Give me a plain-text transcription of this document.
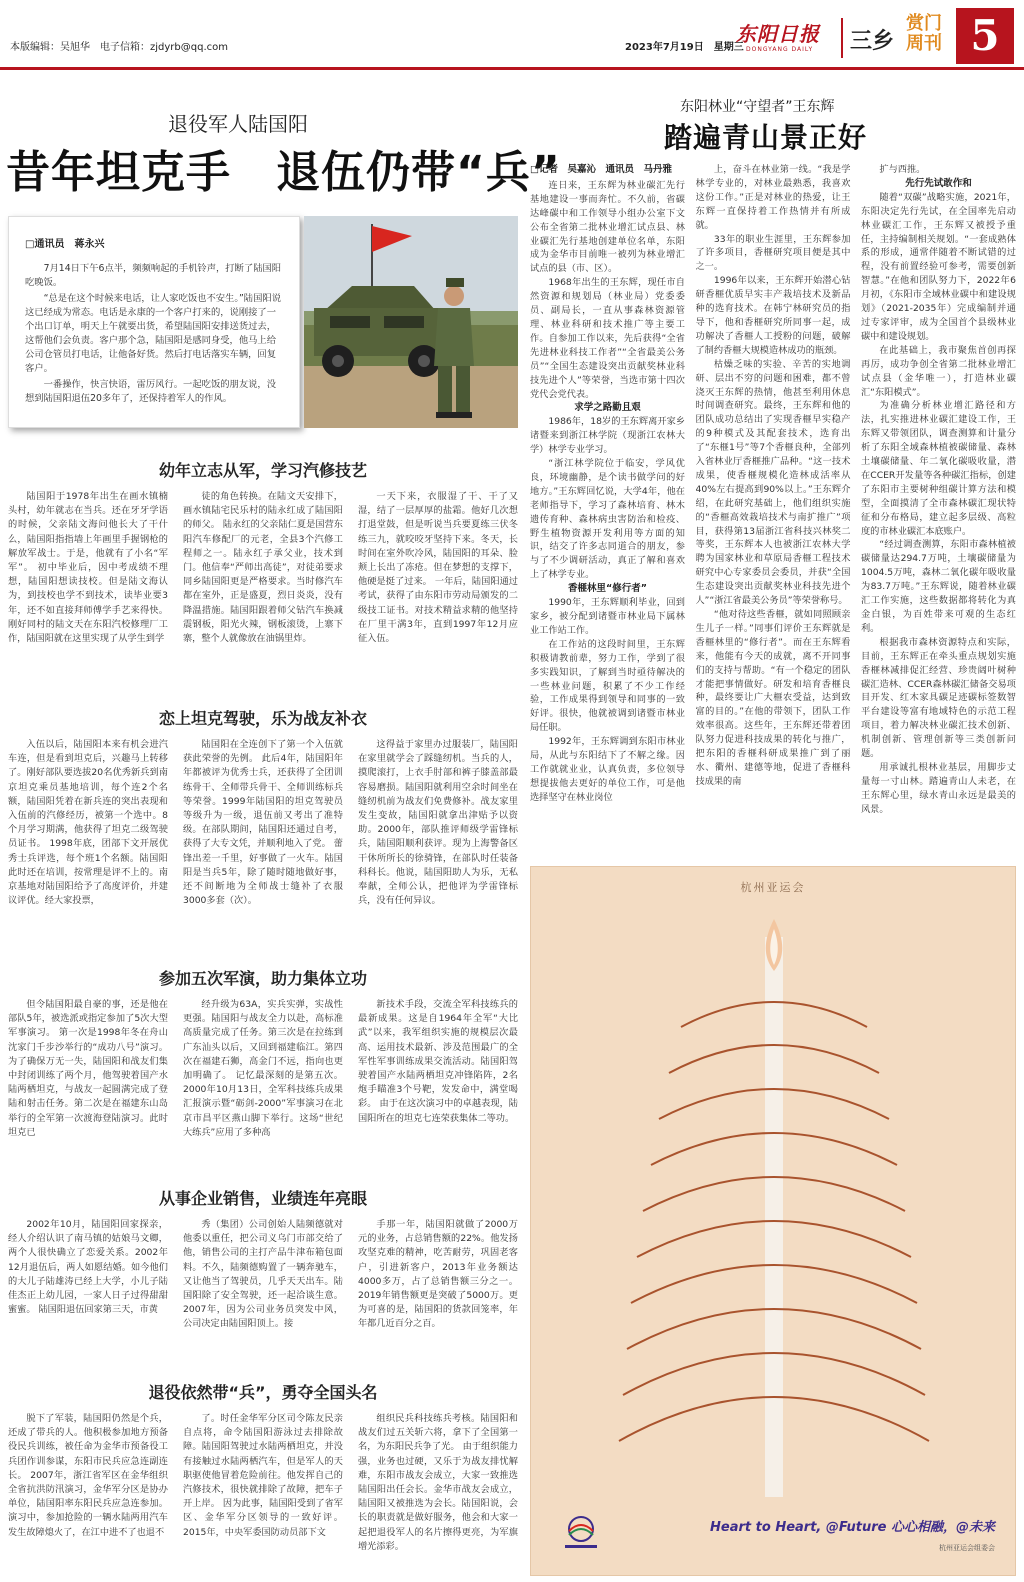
本版编辑：吴旭华　电子信箱：zjdyrb@qq.com	2023年7月19日　星期三
东阳日报
DONGYANG DAILY 三乡
赏门周刊 5
退役军人陆国阳
昔年坦克手　退伍仍带“兵”
□通讯员　蒋永兴

7月14日下午6点半，频频响起的手机铃声，打断了陆国阳吃晚饭。

“总是在这个时候来电话，让人家吃饭也不安生。”陆国阳说这已经成为常态。电话是永康的一个客户打来的，说刚接了一个出口订单，明天上午就要出货，希望陆国阳安排送货过去，这帮他们会负责。客户那个急，陆国阳是感同身受，他马上给公司仓管员打电话，让他备好货。然后打电话落实车辆，回复客户。

一番操作，快言快语，雷厉风行。一起吃饭的朋友说，没想到陆国阳退伍20多年了，还保持着军人的作风。

幼年立志从军，学习汽修技艺

陆国阳于1978年出生在画水镇楠头村，幼年就志在当兵。还在牙牙学语的时候，父亲陆文海问他长大了干什么，陆国阳指指墙上年画里手握钢枪的解放军战士。于是，他就有了小名“军军”。 初中毕业后，因中考成绩不理想，陆国阳想读技校。但是陆文海认为，到技校也学不到技术，读毕业要3年，还不如直接拜师傅学手艺来得快。刚好同村的陆文天在东阳汽校修理厂工作，陆国阳就在这里实现了从学生到学

徒的角色转换。在陆文天安排下，画水镇陆宅民乐村的陆永红成了陆国阳的师父。 陆永红的父亲陆仁夏是国营东阳汽车修配厂的元老，全县3个汽修工程师之一。陆永红子承父业，技术到门。他信奉“严师出高徒”，对徒弟要求同乡陆国阳更是严格要求。当时修汽车都在室外，正是盛夏，烈日炎炎，没有降温措施。陆国阳跟着师父钻汽车换减震钢板，阳光火辣，钢板滚烫，上寨下寨，整个人就像放在油锅里炸。

一天下来，衣服湿了干、干了又湿，结了一层厚厚的盐霜。他好几次想打退堂鼓，但是听说当兵要夏练三伏冬练三九，就咬咬牙坚持下来。冬天，长时间在室外吹冷风，陆国阳的耳朵、脸颊上长出了冻疮。但在梦想的支撑下，他硬是挺了过来。 一年后，陆国阳通过考试，获得了由东阳市劳动局颁发的二级技工证书。对技术精益求精的他坚持在厂里干满3年，直到1997年12月应征入伍。

恋上坦克驾驶，乐为战友补衣

入伍以后，陆国阳本来有机会进汽车连，但是看到坦克后，兴趣马上转移了。刚好部队要选拔20名优秀新兵到南京坦克乘员基地培训，每个连2个名额，陆国阳凭着在新兵连的突出表现和入伍前的汽修经历，被第一个选中。8个月学习期满，他获得了坦克二级驾驶员证书。 1998年底，团部下文开展优秀士兵评选，每个班1个名额。陆国阳此时还在培训，按常理是评不上的。南京基地对陆国阳给予了高度评价，并建议评优。经大家投票，

陆国阳在全连创下了第一个入伍就获此荣誉的先例。 此后4年，陆国阳年年都被评为优秀士兵，还获得了全团训练骨干、全师带兵骨干、全师训练标兵等荣誉。1999年陆国阳的坦克驾驶员等级升为一级，退伍前又考出了准特级。在部队期间，陆国阳还通过自考，获得了大专文凭，并顺利地入了党。 蕾锋出差一千里，好事做了一火车。陆国阳是当兵5年，除了随时随地做好事，还不间断地为全师战士缝补了衣服3000多套（次）。

这得益于家里办过服装厂，陆国阳在家里就学会了踩缝纫机。当兵的人，摸爬滚打，上衣手肘部和裤子膝盖部最容易磨损。陆国阳就利用空余时间坐在缝纫机前为战友们免费修补。战友家里发生变故，陆国阳就拿出津贴予以资助。2000年，部队推评师级学雷锋标兵，陆国阳顺利获评。现为上海警备区干休所所长的徐骑锋，在部队时任装备科科长。他说，陆国阳助人为乐，无私奉献，全师公认，把他评为学雷锋标兵，没有任何异议。

参加五次军演，助力集体立功

但令陆国阳最自豪的事，还是他在部队5年，被选派或指定参加了5次大型军事演习。 第一次是1998年冬在舟山沈家门千步沙举行的“成功八号”演习。为了确保万无一失，陆国阳和战友们集中封闭训练了两个月，他驾驶着国产水陆两栖坦克，与战友一起圆满完成了登陆和射击任务。第二次是在福建东山岛举行的全军第一次渡海登陆演习。此时坦克已

经升级为63A，实兵实弹，实战性更强。陆国阳与战友全力以赴，高标准高质量完成了任务。第三次是在拉练到广东汕头以后，又回到福建临江。第四次在福建石狮，高金门不远，指向也更加明确了。 记忆最深刻的是第五次。2000年10月13日，全军科技练兵成果汇报演示暨“砺剑-2000”军事演习在北京市昌平区燕山脚下举行。这场“世纪大练兵”应用了多种高

新技术手段，交流全军科技练兵的最新成果。这是自1964年全军“大比武”以来，我军组织实施的规模层次最高、运用技术最新、涉及范围最广的全军性军事训练成果交流活动。陆国阳驾驶着国产水陆两栖坦克冲锋陷阵，2名炮手瞄准3个号靶，发发命中，满堂喝彩。 由于在这次演习中的卓越表现，陆国阳所在的坦克七连荣获集体二等功。

从事企业销售，业绩连年亮眼

2002年10月，陆国阳回家探亲，经人介绍认识了南马镇的姑娘马文卿，两个人很快确立了恋爱关系。2002年12月退伍后，两人如愿结婚。如今他们的大儿子陆雄涛已经上大学，小儿子陆佳杰正上幼儿园，一家人日子过得甜甜蜜蜜。 陆国阳退伍回家第三天，市黄

秀（集团）公司创始人陆频德就对他委以重任，把公司义乌门市部交给了他，销售公司的主打产品牛津布箱包面料。不久，陆频德购置了一辆奔驰车，又让他当了驾驶员，几乎天天出车。陆国阳除了安全驾驶，还一起洽谈生意。2007年，因为公司业务员突发中风，公司决定由陆国阳顶上。接

手那一年，陆国阳就做了2000万元的业务，占总销售额的22%。他发扬攻坚克难的精神，吃苦耐劳，巩固老客户，引进新客户，2013年业务额达4000多万，占了总销售额三分之一。2019年销售额更是突破了5000万。更为可喜的是，陆国阳的货款回笼率，年年都几近百分之百。

退役依然带“兵”，勇夺全国头名

脱下了军装，陆国阳仍然是个兵，还成了带兵的人。他积极参加地方预备役民兵训练，被任命为金华市预备役工兵团作训参谋，东阳市民兵应急连副连长。 2007年，浙江省军区在金华组织全省抗洪防汛演习，金华军分区是协办单位，陆国阳率东阳民兵应急连参加。演习中，参加抢险的一辆水陆两用汽车发生故障熄火了，在江中进不了也退不

了。时任金华军分区司令陈友民亲自点将，命令陆国阳游泳过去排除故障。陆国阳驾驶过水陆两栖坦克，并没有接触过水陆两栖汽车，但是军人的天职驱使他冒着危险前往。他发挥自己的汽修技术，很快就排除了故障，把车子开上岸。 因为此事，陆国阳受到了省军区、金华军分区领导的一致好评。2015年，中央军委国防动员部下文

组织民兵科技练兵考核。陆国阳和战友们过五关斩六将，拿下了全国第一名，为东阳民兵争了光。 由于组织能力强，业务也过硬，又乐于为战友排忧解难，东阳市战友会成立，大家一致推选陆国阳出任会长。金华市战友会成立，陆国阳又被推选为会长。陆国阳说，会长的职责就是做好服务，他会和大家一起把退役军人的名片擦得更亮，为军旗增光添彩。

东阳林业“守望者”王东辉
踏遍青山景正好
□记者　吴嘉沁　通讯员　马丹雅

连日来，王东辉为林业碳汇先行基地建设一事而奔忙。不久前，省碳达峰碳中和工作领导小组办公室下文公布全省第二批林业增汇试点县、林业碳汇先行基地创建单位名单，东阳成为金华市目前唯一被列为林业增汇试点的县（市、区）。

1968年出生的王东辉，现任市自然资源和规划局（林业局）党委委员、副局长，一直从事森林资源管理、林业科研和技术推广等主要工作。自参加工作以来，先后获得“全省先进林业科技工作者”“全省最美公务员”“全国生态建设突出贡献奖林业科技先进个人”等荣誉，当选市第十四次党代会党代表。

求学之路勤且艰

1986年，18岁的王东辉离开家乡诸暨来到浙江林学院（现浙江农林大学）林学专业学习。

“浙江林学院位于临安，学风优良，环境幽静，是个读书做学问的好地方。”王东辉回忆说，大学4年，他在老师指导下，学习了森林培育、林木遗传育种、森林病虫害防治和检疫、野生植物资源开发利用等方面的知识，结交了许多志同道合的朋友，参与了不少调研活动，真正了解和喜欢上了林学专业。

香榧林里“修行者”

1990年，王东辉顺利毕业，回到家乡，被分配到诸暨市林业局下属林业工作站工作。

在工作站的这段时间里，王东辉积极请教前辈，努力工作，学到了很多实践知识，了解到当时亟待解决的一些林业问题，积累了不少工作经验，工作成果得到领导和同事的一致好评。很快，他就被调到诸暨市林业局任职。

1992年，王东辉调到东阳市林业局，从此与东阳结下了不解之缘。因工作就就业业，认真负责，多位领导想提拔他去更好的单位工作，可是他选择坚守在林业岗位

上，奋斗在林业第一线。“我是学林学专业的，对林业最熟悉，我喜欢这份工作。”正是对林业的热爱，让王东辉一直保持着工作热情并有所成就。

33年的职业生涯里，王东辉参加了许多项目，香榧研究项目便是其中之一。

1996年以来，王东辉开始潜心钻研香榧优质早实丰产栽培技术及新品种的选育技术。在韩宁林研究员的指导下，他和香榧研究所同事一起，成功解决了香榧人工授粉的问题，破解了制约香榧大规模造林成功的瓶颈。

枯燥乏味的实验、辛苦的实地调研、层出不穷的问题和困难，都不曾浇灭王东辉的热情，他甚至利用休息时间调查研究。最终，王东辉和他的团队成功总结出了实现香榧早实稳产的9种模式及其配套技术，选育出了“东榧1号”等7个香榧良种，全部列入省林业厅香榧推广品种。“这一技术成果，使香榧规模化造林成活率从40%左右提高到90%以上。”王东辉介绍，在此研究基础上，他们组织实施的“香榧高效栽培技术与南扩推广”项目，获得第13届浙江省科技兴林奖二等奖，王东辉本人也被浙江农林大学聘为国家林业和草原局香榧工程技术研究中心专家委员会委员，并获“全国生态建设突出贡献奖林业科技先进个人”“浙江省最美公务员”等荣誉称号。

“他对待这些香榧，就如同照顾亲生儿子一样。”同事们评价王东辉就是香榧林里的“修行者”。而在王东辉看来，他能有今天的成就，离不开同事们的支持与帮助。“有一个稳定的团队才能把事情做好。研发和培育香榧良种，最终要让广大榧农受益，达到致富的目的。”在他的带领下，团队工作效率很高。这些年，王东辉还带着团队努力促进科技成果的转化与推广，把东阳的香榧科研成果推广到了丽水、衢州、建德等地，促进了香榧科技成果的南

扩与西推。

先行先试敢作和

随着“双碳”战略实施，2021年，东阳决定先行先试，在全国率先启动林业碳汇工作，王东辉又被授予重任，主持编制相关规划。“一套成熟体系的形成，通常伴随着不断试错的过程，没有前置经验可参考，需要创新智慧。”在他和团队努力下，2022年6月初，《东阳市全域林业碳中和建设规划》（2021-2035年）完成编制并通过专家评审，成为全国首个县级林业碳中和建设规划。

在此基础上，我市聚焦首创再探再厉，成功争创全省第二批林业增汇试点县（金华唯一），打造林业碳汇“东阳模式”。

为准确分析林业增汇路径和方法，扎实推进林业碳汇建设工作，王东辉又带领团队，调查测算和计量分析了东阳全域森林植被碳储量、森林土壤碳储量、年二氧化碳吸收量，潜在CCER开发量等各种碳汇指标，创建了东阳市主要树种组碳计算方法和模型，全面摸清了全市森林碳汇现状特征和分布格局，建立起多层级、高粒度的市林业碳汇本底账户。

“经过调查测算，东阳市森林植被碳储量达294.7万吨，土壤碳储量为1004.5万吨，森林二氧化碳年吸收量为83.7万吨。”王东辉说，随着林业碳汇工作实施，这些数据都将转化为真金白银，为百姓带来可观的生态红利。

根据我市森林资源特点和实际，目前，王东辉正在牵头重点规划实施香榧林减排促汇经营、珍贵阔叶树种碳汇造林、CCER森林碳汇储备交易项目开发、红木家具碳足迹碳标签数智平台建设等富有地域特色的示范工程项目，着力解决林业碳汇技术创新、机制创新、管理创新等三类创新问题。

用承诚扎根林业基层，用脚步丈量每一寸山林。踏遍青山人未老，在王东辉心里，绿水青山永远是最美的风景。

杭州亚运会
Heart to Heart, @Future 心心相融，@未来
杭州亚运会组委会
